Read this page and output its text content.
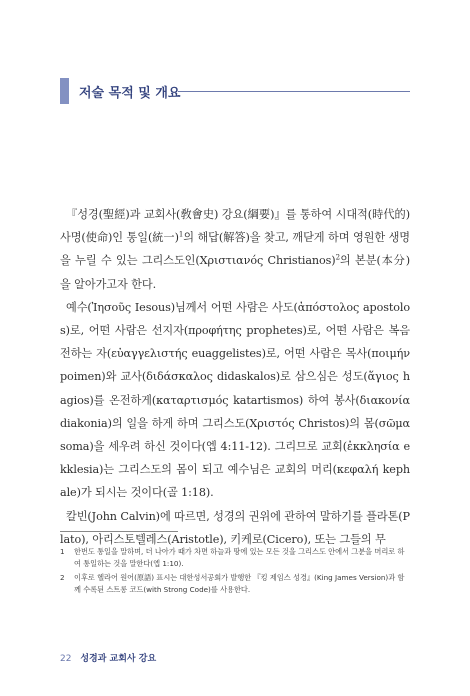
저술 목적 및 개요

『성경(聖經)과 교회사(敎會史) 강요(綱要)』를 통하여 시대적(時代的) 사명(使命)인 통일(統一)$^1$의 해답(解答)을 찾고, 깨닫게 하며 영원한 생명을 누릴 수 있는 그리스도인(Χριστιανός Christianos)$^2$의 본분(本分)을 알아가고자 한다.

예수(Ἰησοῦς Iesous)님께서 어떤 사람은 사도(ἀπόστολος apostolos)로, 어떤 사람은 선지자(προφήτης prophetes)로, 어떤 사람은 복음 전하는 자(εὐαγγελιστής euaggelistes)로, 어떤 사람은 목사(ποιμήν poimen)와 교사(διδάσκαλος didaskalos)로 삼으심은 성도(ἅγιος hagios)를 온전하게(καταρτισμός katartismos) 하여 봉사(διακονία diakonia)의 일을 하게 하며 그리스도(Χριστός Christos)의 몸(σῶμα soma)을 세우려 하신 것이다(엡 4:11-12). 그리므로 교회(ἐκκλησία ekklesia)는 그리스도의 몸이 되고 예수님은 교회의 머리(κεφαλή kephale)가 되시는 것이다(골 1:18).

칼빈(John Calvin)에 따르면, 성경의 권위에 관하여 말하기를 플라톤(Plato), 아리스토텔레스(Aristotle), 키케로(Cicero), 또는 그들의 무

1 한번도 통일을 말하며, 더 나아가 때가 차면 하늘과 땅에 있는 모든 것을 그리스도 안에서 그분을 머리로 하여 통일하는 것을 말한다(엡 1:10).
2 이후로 헬라어 원어(原語) 표시는 대한성서공회가 발행한 『킹 제임스 성경』(King James Version)과 함께 수록된 스트롱 코드(with Strong Code)를 사용한다.
22 성경과 교회사 강요
